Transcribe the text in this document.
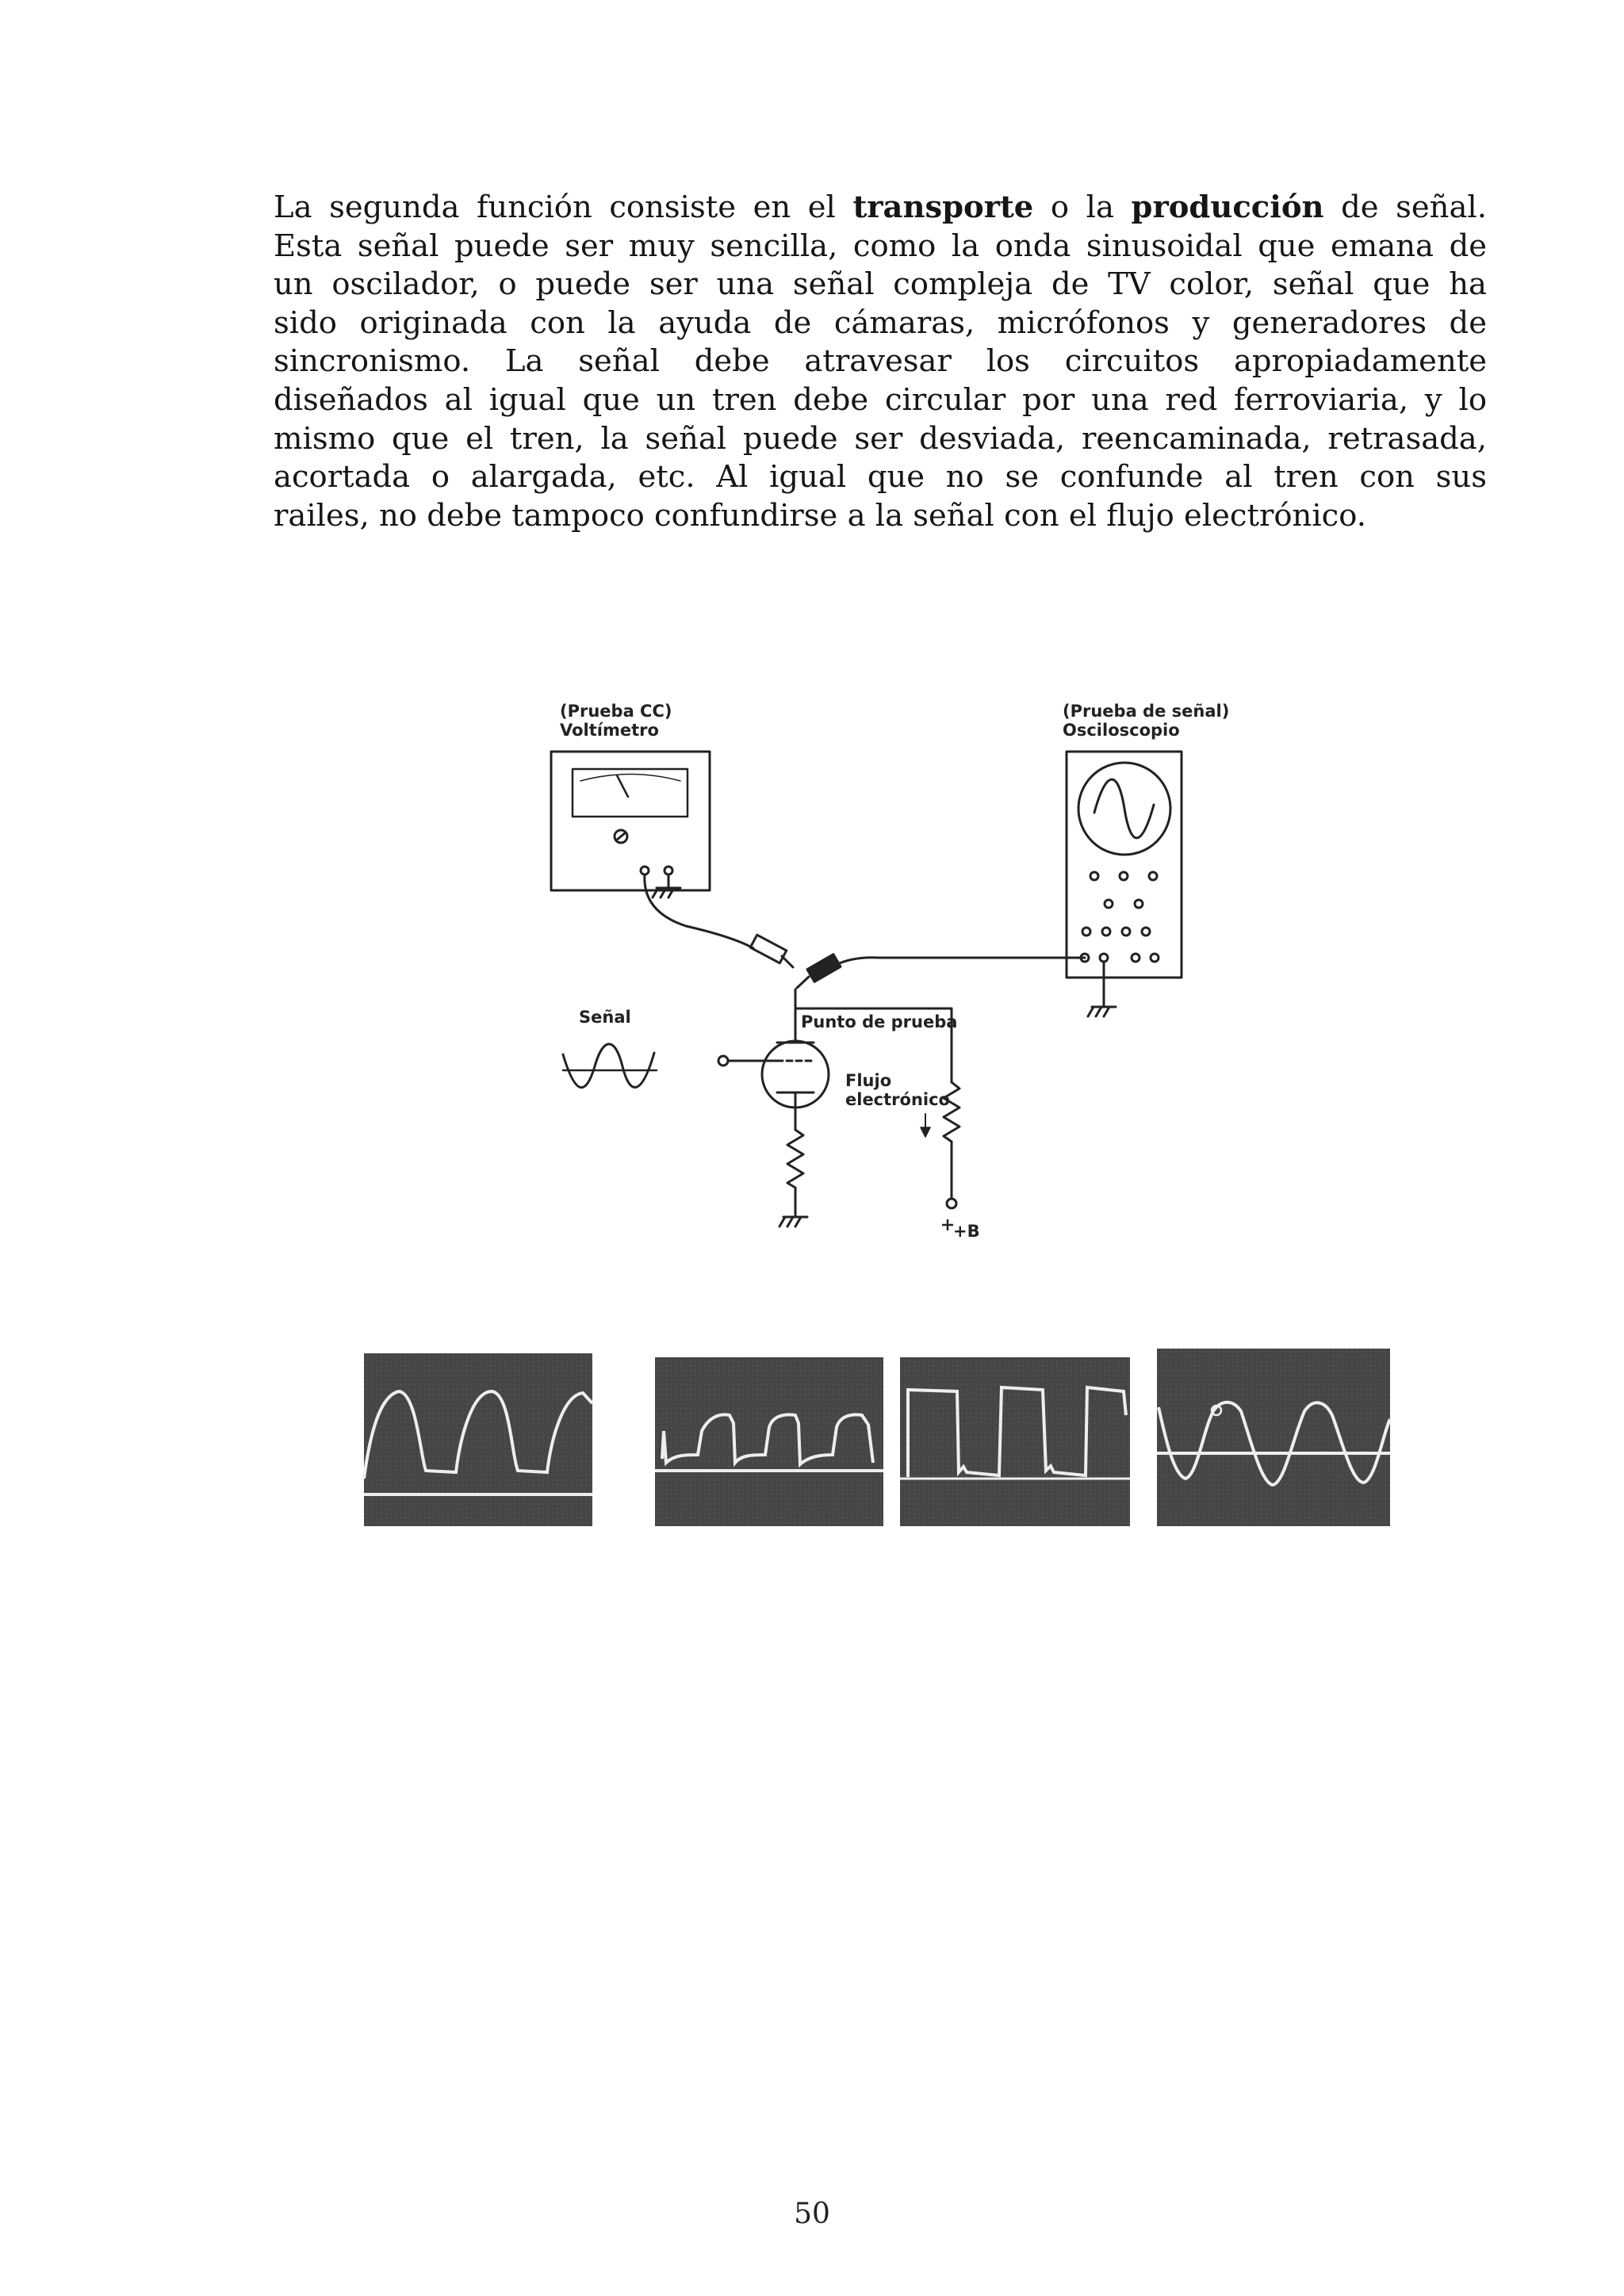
La segunda función consiste en el transporte o la producción de señal.
Esta señal puede ser muy sencilla, como la onda sinusoidal que emana de
un oscilador, o puede ser una señal compleja de TV color, señal que ha
sido originada con la ayuda de cámaras, micrófonos y generadores de
sincronismo. La señal debe atravesar los circuitos apropiadamente
diseñados al igual que un tren debe circular por una red ferroviaria, y lo
mismo que el tren, la señal puede ser desviada, reencaminada, retrasada,
acortada o alargada, etc. Al igual que no se confunde al tren con sus
railes, no debe tampoco confundirse a la señal con el flujo electrónico.
(Prueba CC)
Voltímetro
(Prueba de señal)
Osciloscopio
Señal	Punto de prueba
Flujo
electrónico
+B
50
